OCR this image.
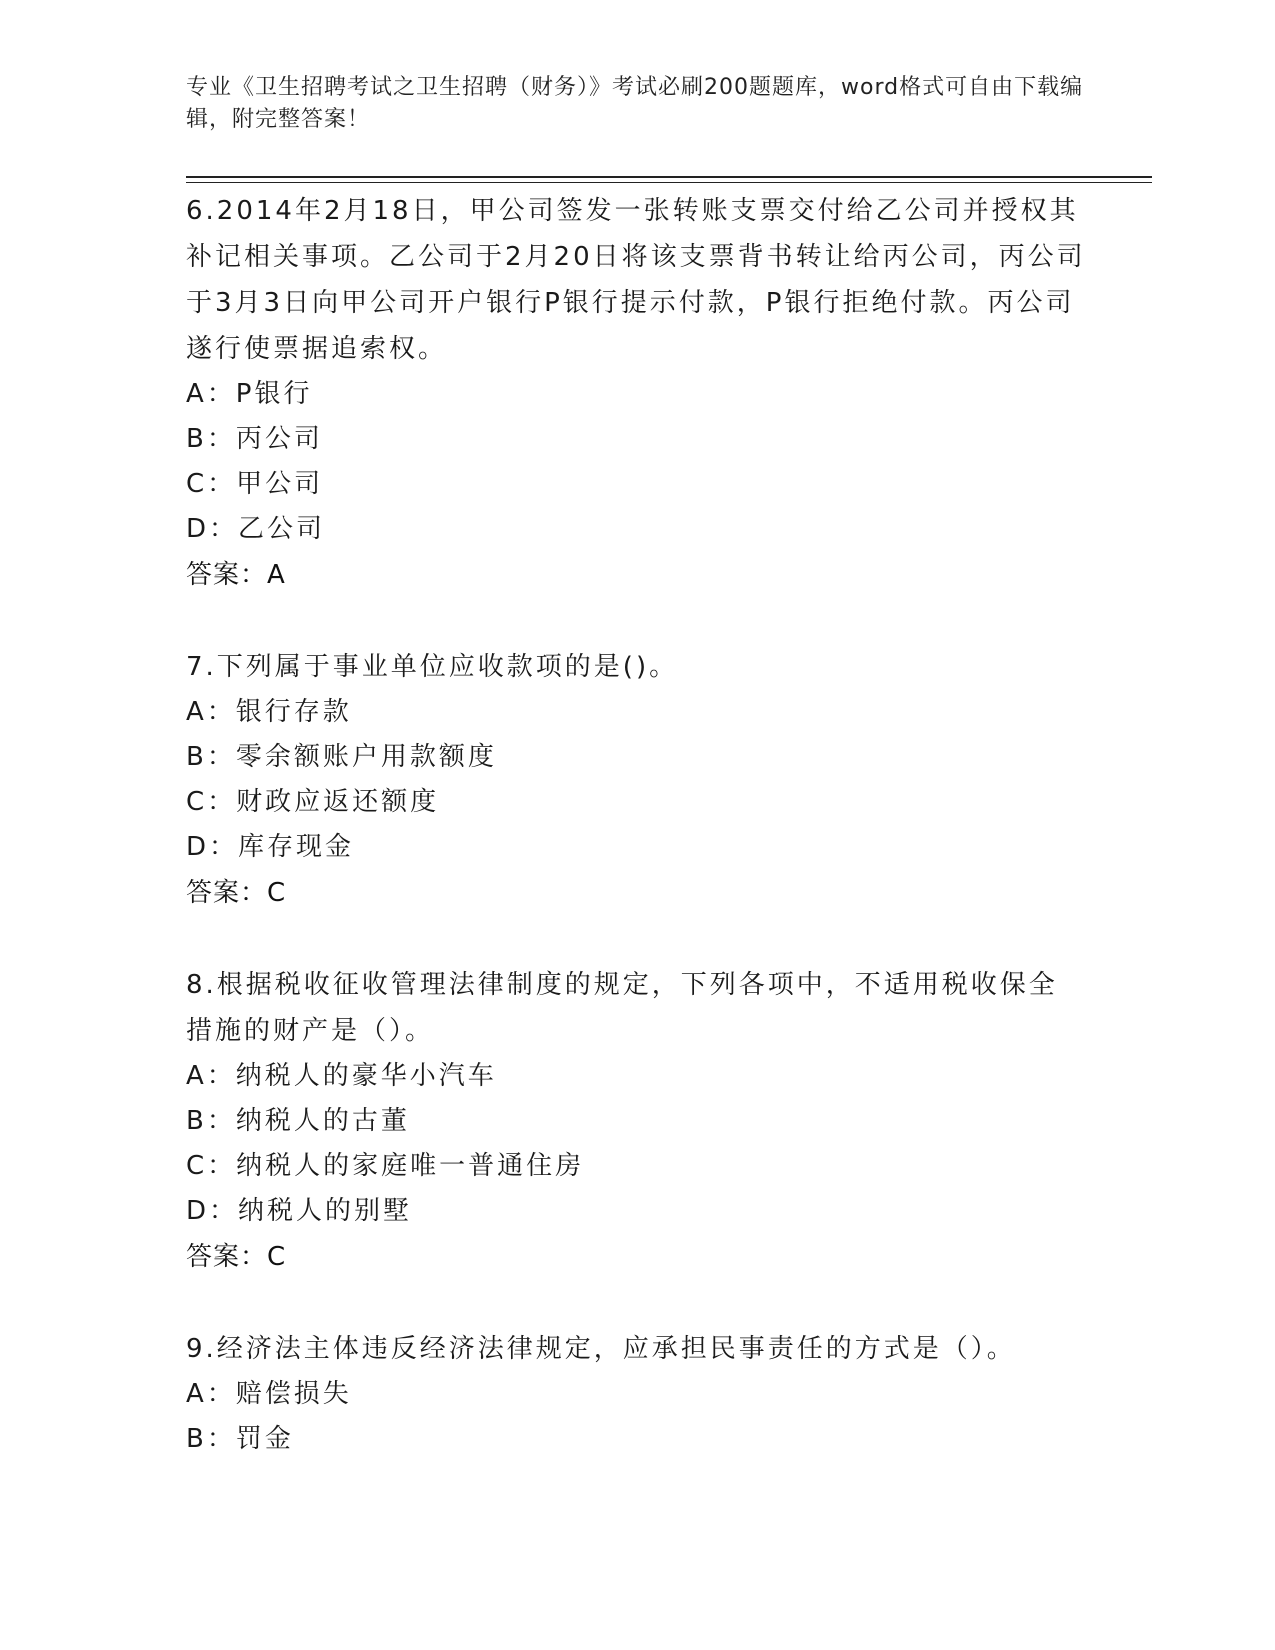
专业《卫生招聘考试之卫生招聘（财务）》考试必刷200题题库，word格式可自由下载编辑，附完整答案！
6.2014年2月18日，甲公司签发一张转账支票交付给乙公司并授权其补记相关事项。乙公司于2月20日将该支票背书转让给丙公司，丙公司于3月3日向甲公司开户银行P银行提示付款，P银行拒绝付款。丙公司遂行使票据追索权。
A：P银行
B：丙公司
C：甲公司
D：乙公司
答案：A
7.下列属于事业单位应收款项的是()。
A：银行存款
B：零余额账户用款额度
C：财政应返还额度
D：库存现金
答案：C
8.根据税收征收管理法律制度的规定，下列各项中，不适用税收保全措施的财产是（）。
A：纳税人的豪华小汽车
B：纳税人的古董
C：纳税人的家庭唯一普通住房
D：纳税人的别墅
答案：C
9.经济法主体违反经济法律规定，应承担民事责任的方式是（）。
A：赔偿损失
B：罚金
